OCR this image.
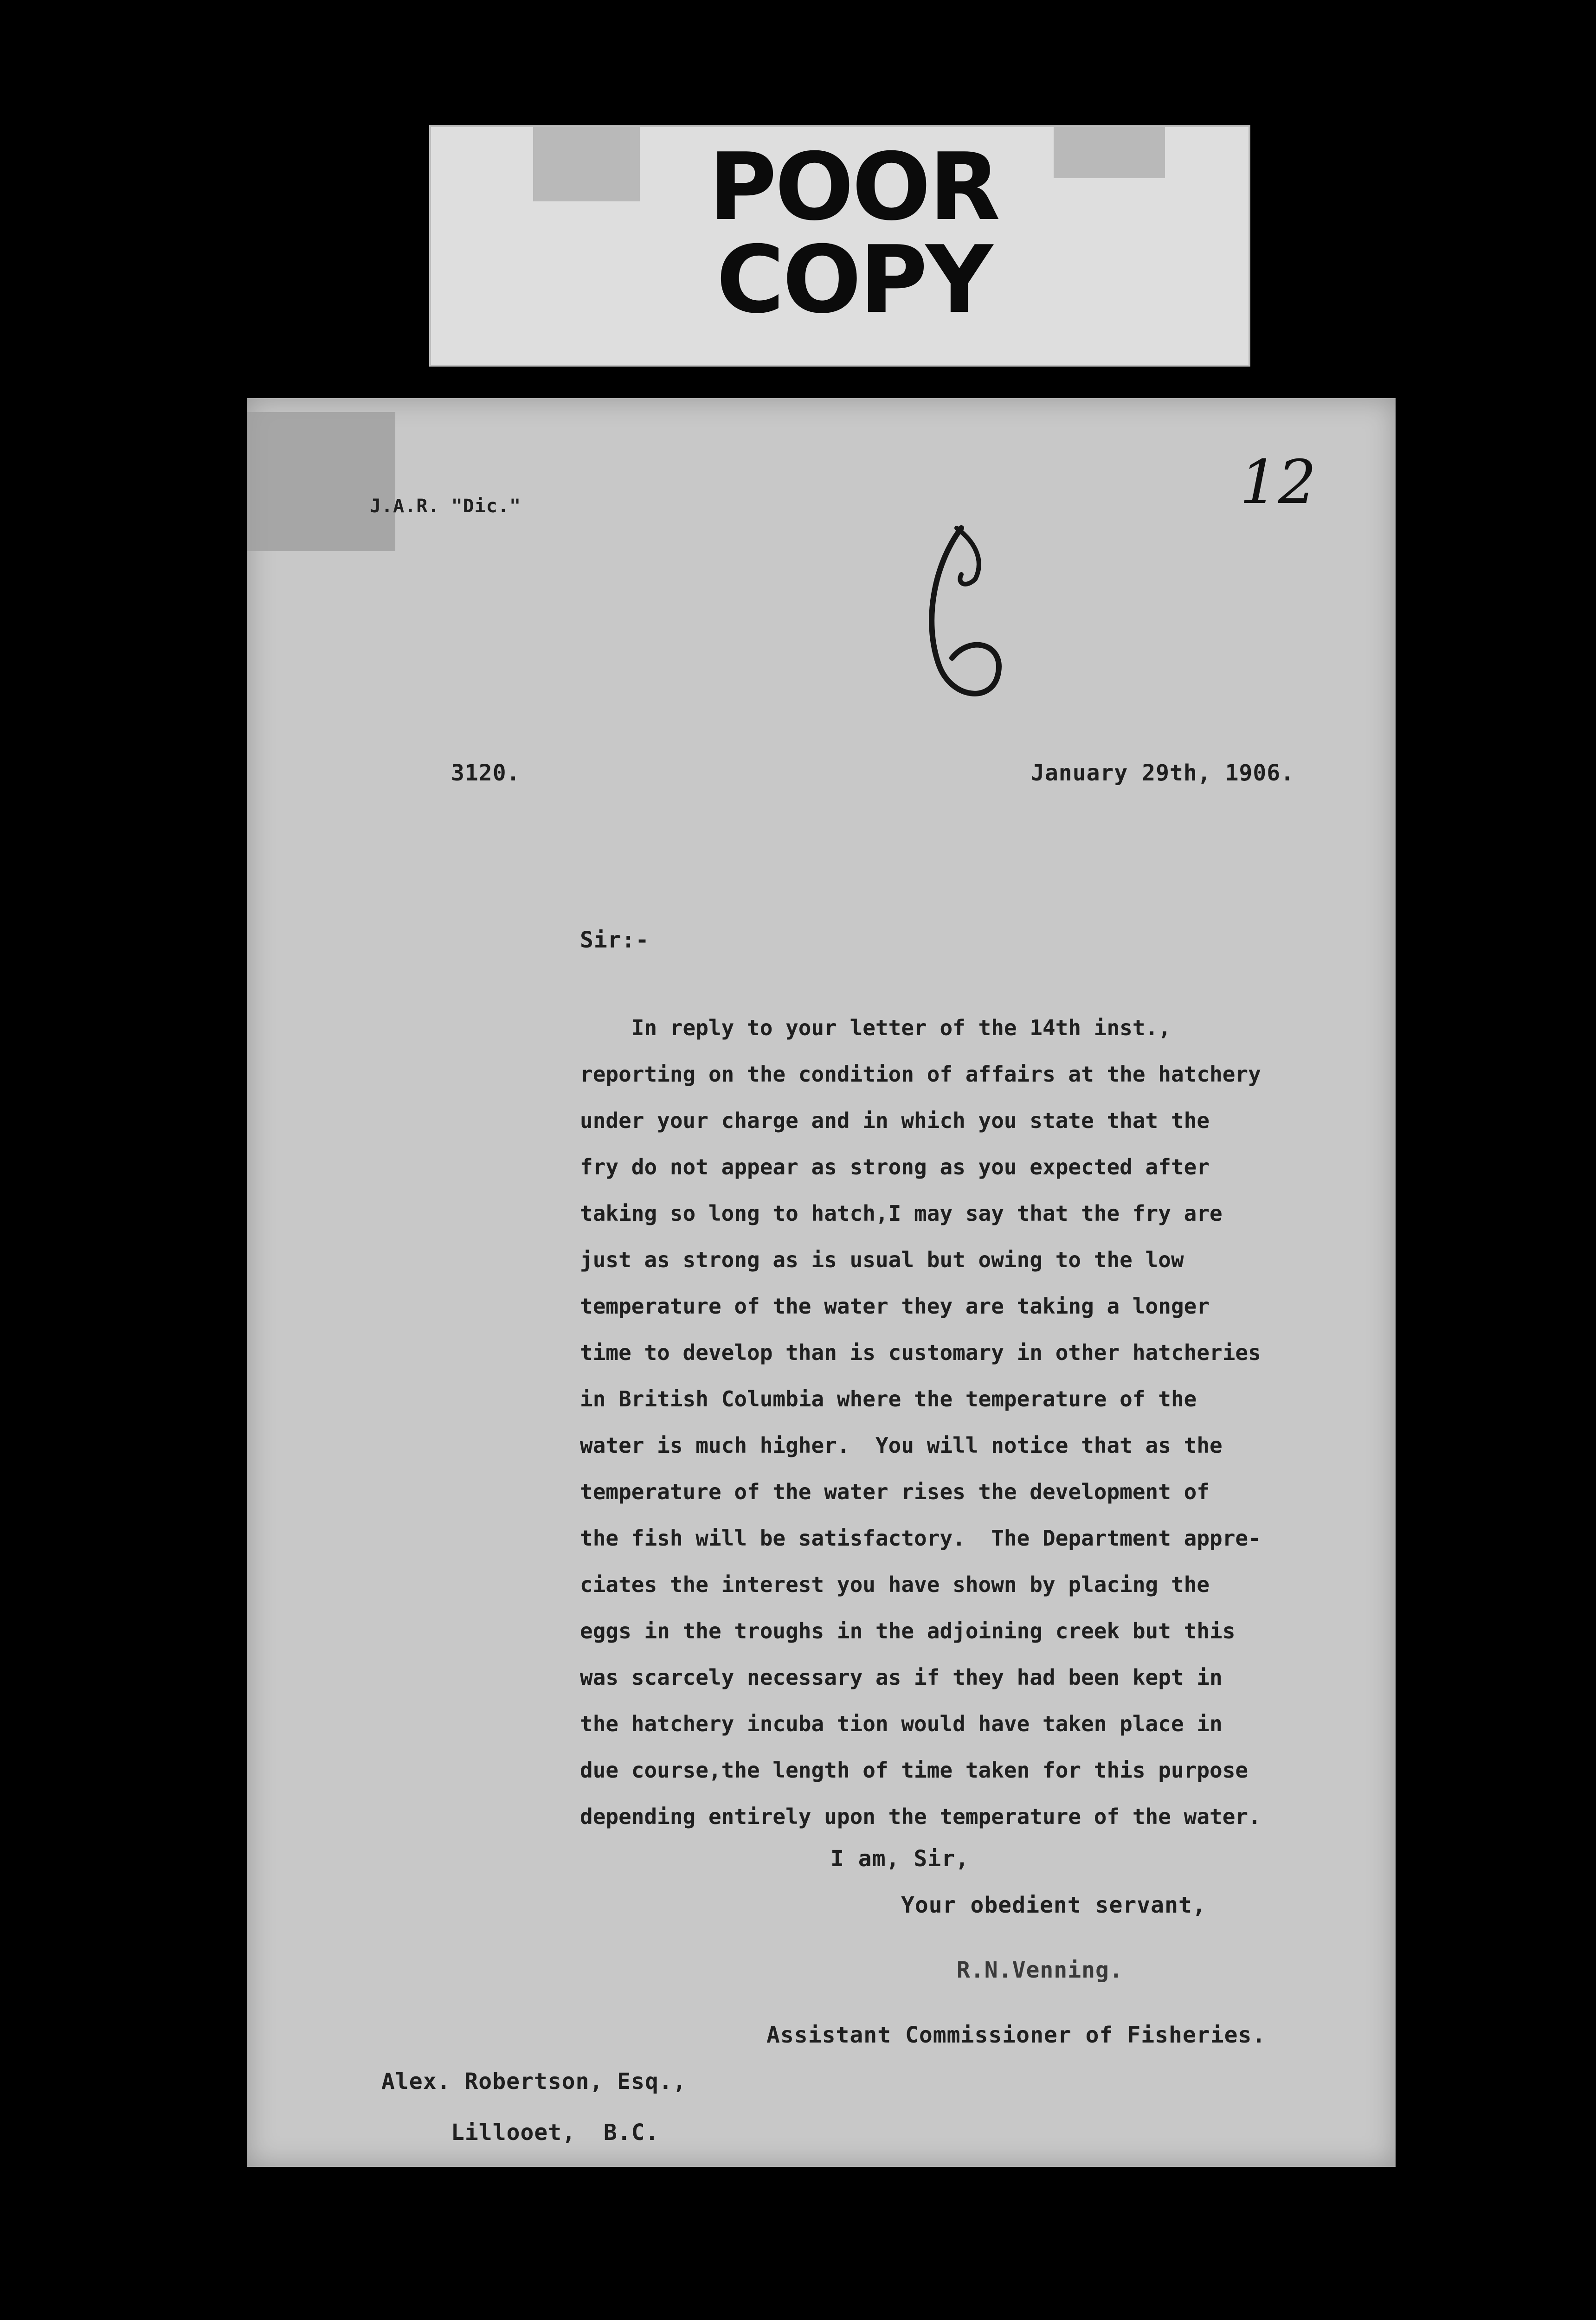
POOR
COPY
J.A.R. "Dic."	12
3120.	January 29th, 1906.
Sir:-
In reply to your letter of the 14th inst.,
reporting on the condition of affairs at the hatchery
under your charge and in which you state that the
fry do not appear as strong as you expected after
taking so long to hatch,I may say that the fry are
just as strong as is usual but owing to the low
temperature of the water they are taking a longer
time to develop than is customary in other hatcheries
in British Columbia where the temperature of the
water is much higher.  You will notice that as the
temperature of the water rises the development of
the fish will be satisfactory.  The Department appre-
ciates the interest you have shown by placing the
eggs in the troughs in the adjoining creek but this
was scarcely necessary as if they had been kept in
the hatchery incuba tion would have taken place in
due course,the length of time taken for this purpose
depending entirely upon the temperature of the water.
I am, Sir,
Your obedient servant,
R.N.Venning.
Assistant Commissioner of Fisheries.
Alex. Robertson, Esq.,
Lillooet,  B.C.
